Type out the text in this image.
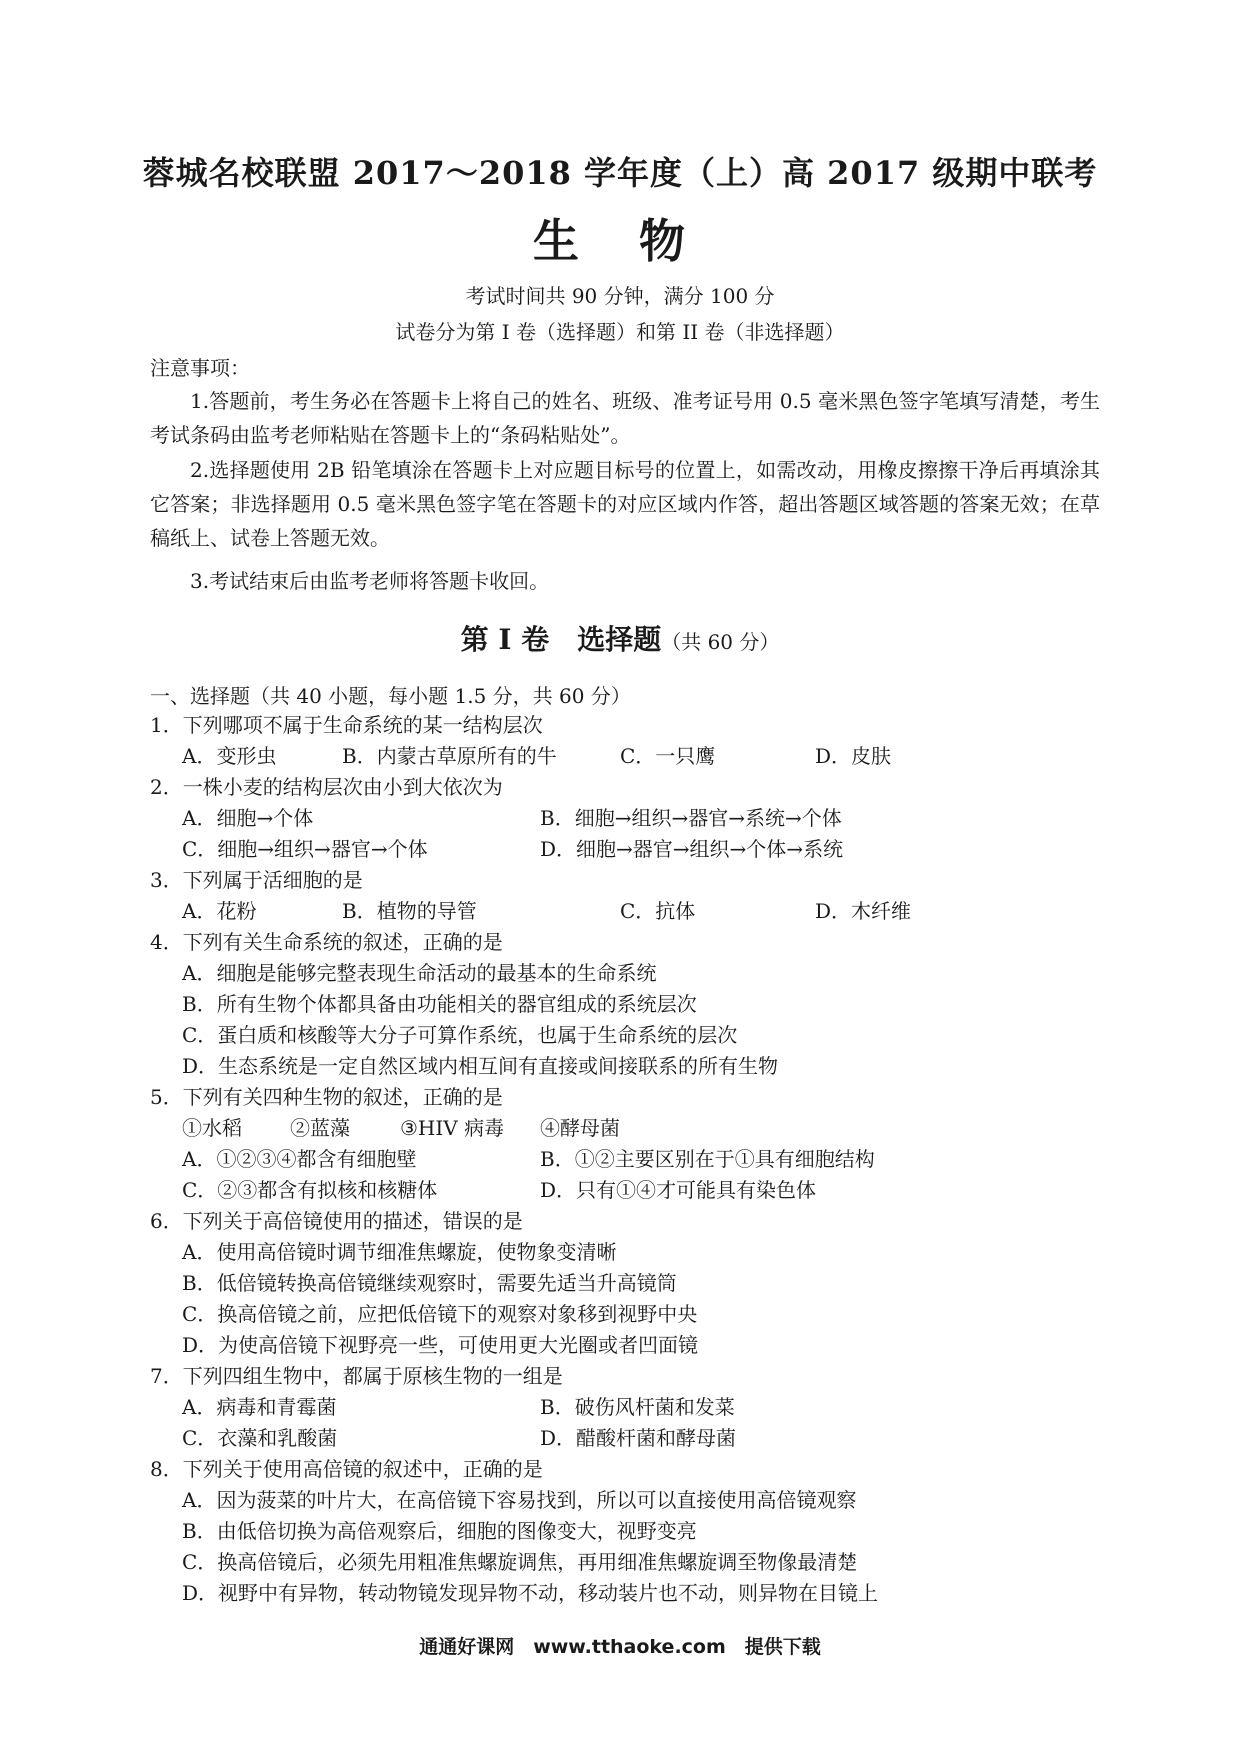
蓉城名校联盟 2017～2018 学年度（上）高 2017 级期中联考
生 物
考试时间共 90 分钟，满分 100 分
试卷分为第 I 卷（选择题）和第 II 卷（非选择题）
注意事项：
1.答题前，考生务必在答题卡上将自己的姓名、班级、准考证号用 0.5 毫米黑色签字笔填写清楚，考生考试条码由监考老师粘贴在答题卡上的“条码粘贴处”。
2.选择题使用 2B 铅笔填涂在答题卡上对应题目标号的位置上，如需改动，用橡皮擦擦干净后再填涂其它答案；非选择题用 0.5 毫米黑色签字笔在答题卡的对应区域内作答，超出答题区域答题的答案无效；在草稿纸上、试卷上答题无效。
3.考试结束后由监考老师将答题卡收回。
第 I 卷　选择题（共 60 分）
一、选择题（共 40 小题，每小题 1.5 分，共 60 分）
1．下列哪项不属于生命系统的某一结构层次
A．变形虫	B．内蒙古草原所有的牛	C．一只鹰	D．皮肤
2．一株小麦的结构层次由小到大依次为
A．细胞→个体	B．细胞→组织→器官→系统→个体
C．细胞→组织→器官→个体	D．细胞→器官→组织→个体→系统
3．下列属于活细胞的是
A．花粉	B．植物的导管	C．抗体	D．木纤维
4．下列有关生命系统的叙述，正确的是
A．细胞是能够完整表现生命活动的最基本的生命系统
B．所有生物个体都具备由功能相关的器官组成的系统层次
C．蛋白质和核酸等大分子可算作系统，也属于生命系统的层次
D．生态系统是一定自然区域内相互间有直接或间接联系的所有生物
5．下列有关四种生物的叙述，正确的是
①水稻 ②蓝藻	③HIV 病毒 ④酵母菌
A．①②③④都含有细胞壁	B．①②主要区别在于①具有细胞结构
C．②③都含有拟核和核糖体	D．只有①④才可能具有染色体
6．下列关于高倍镜使用的描述，错误的是
A．使用高倍镜时调节细准焦螺旋，使物象变清晰
B．低倍镜转换高倍镜继续观察时，需要先适当升高镜筒
C．换高倍镜之前，应把低倍镜下的观察对象移到视野中央
D．为使高倍镜下视野亮一些，可使用更大光圈或者凹面镜
7．下列四组生物中，都属于原核生物的一组是
A．病毒和青霉菌	B．破伤风杆菌和发菜
C．衣藻和乳酸菌	D．醋酸杆菌和酵母菌
8．下列关于使用高倍镜的叙述中，正确的是
A．因为菠菜的叶片大，在高倍镜下容易找到，所以可以直接使用高倍镜观察
B．由低倍切换为高倍观察后，细胞的图像变大，视野变亮
C．换高倍镜后，必须先用粗准焦螺旋调焦，再用细准焦螺旋调至物像最清楚
D．视野中有异物，转动物镜发现异物不动，移动装片也不动，则异物在目镜上
通通好课网　www.tthaoke.com　提供下载
